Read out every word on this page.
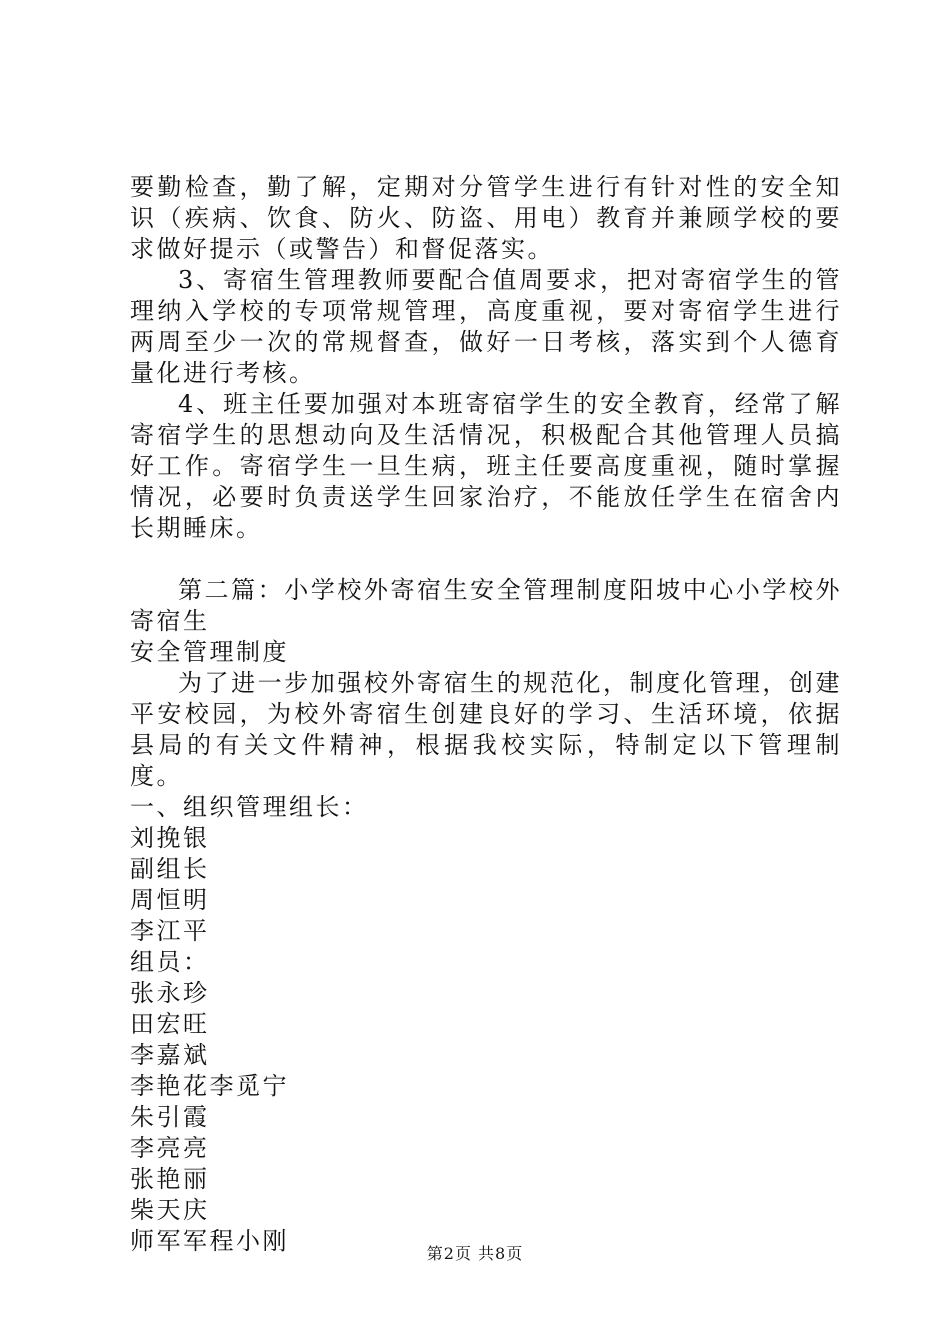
要勤检查，勤了解，定期对分管学生进行有针对性的安全知识（疾病、饮食、防火、防盗、用电）教育并兼顾学校的要求做好提示（或警告）和督促落实。

3、寄宿生管理教师要配合值周要求，把对寄宿学生的管理纳入学校的专项常规管理，高度重视，要对寄宿学生进行两周至少一次的常规督查，做好一日考核，落实到个人德育量化进行考核。

4、班主任要加强对本班寄宿学生的安全教育，经常了解寄宿学生的思想动向及生活情况，积极配合其他管理人员搞好工作。寄宿学生一旦生病，班主任要高度重视，随时掌握情况，必要时负责送学生回家治疗，不能放任学生在宿舍内长期睡床。

第二篇：小学校外寄宿生安全管理制度阳坡中心小学校外寄宿生

安全管理制度

为了进一步加强校外寄宿生的规范化，制度化管理，创建平安校园，为校外寄宿生创建良好的学习、生活环境，依据县局的有关文件精神，根据我校实际，特制定以下管理制度。

一、组织管理组长：

刘挽银

副组长

周恒明

李江平

组员：

张永珍

田宏旺

李嘉斌

李艳花李觅宁

朱引霞

李亮亮

张艳丽

柴天庆

师军军程小刚	第2页 共8页
